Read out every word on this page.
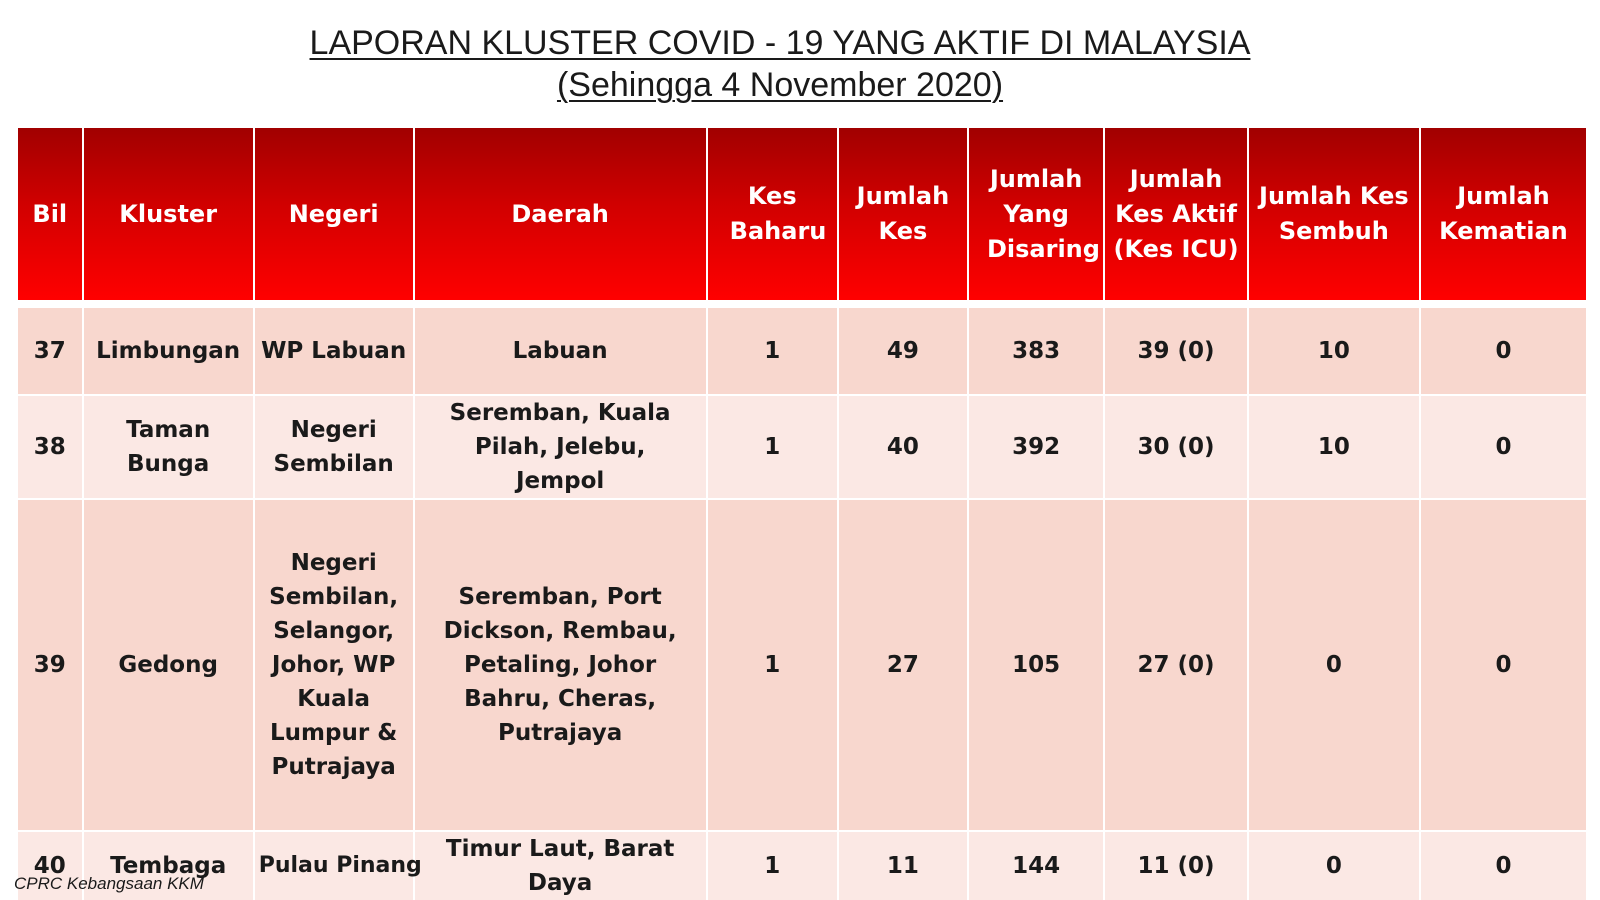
LAPORAN KLUSTER COVID - 19 YANG AKTIF DI MALAYSIA
(Sehingga 4 November 2020)
Bil	Kluster	Negeri	Daerah	Kes Baharu	Jumlah Kes	Jumlah Yang Disaring	Jumlah Kes Aktif (Kes ICU)	Jumlah Kes Sembuh	Jumlah Kematian

37	Limbungan	WP Labuan	Labuan	1	49	383	39 (0)	10	0
38	Taman Bunga	Negeri Sembilan	Seremban, Kuala Pilah, Jelebu, Jempol	1	40	392	30 (0)	10	0
39	Gedong	Negeri Sembilan, Selangor, Johor, WP Kuala Lumpur & Putrajaya	Seremban, Port Dickson, Rembau, Petaling, Johor Bahru, Cheras, Putrajaya	1	27	105	27 (0)	0	0
40	Tembaga	Pulau Pinang	Timur Laut, Barat Daya	1	11	144	11 (0)	0	0
CPRC Kebangsaan KKM
